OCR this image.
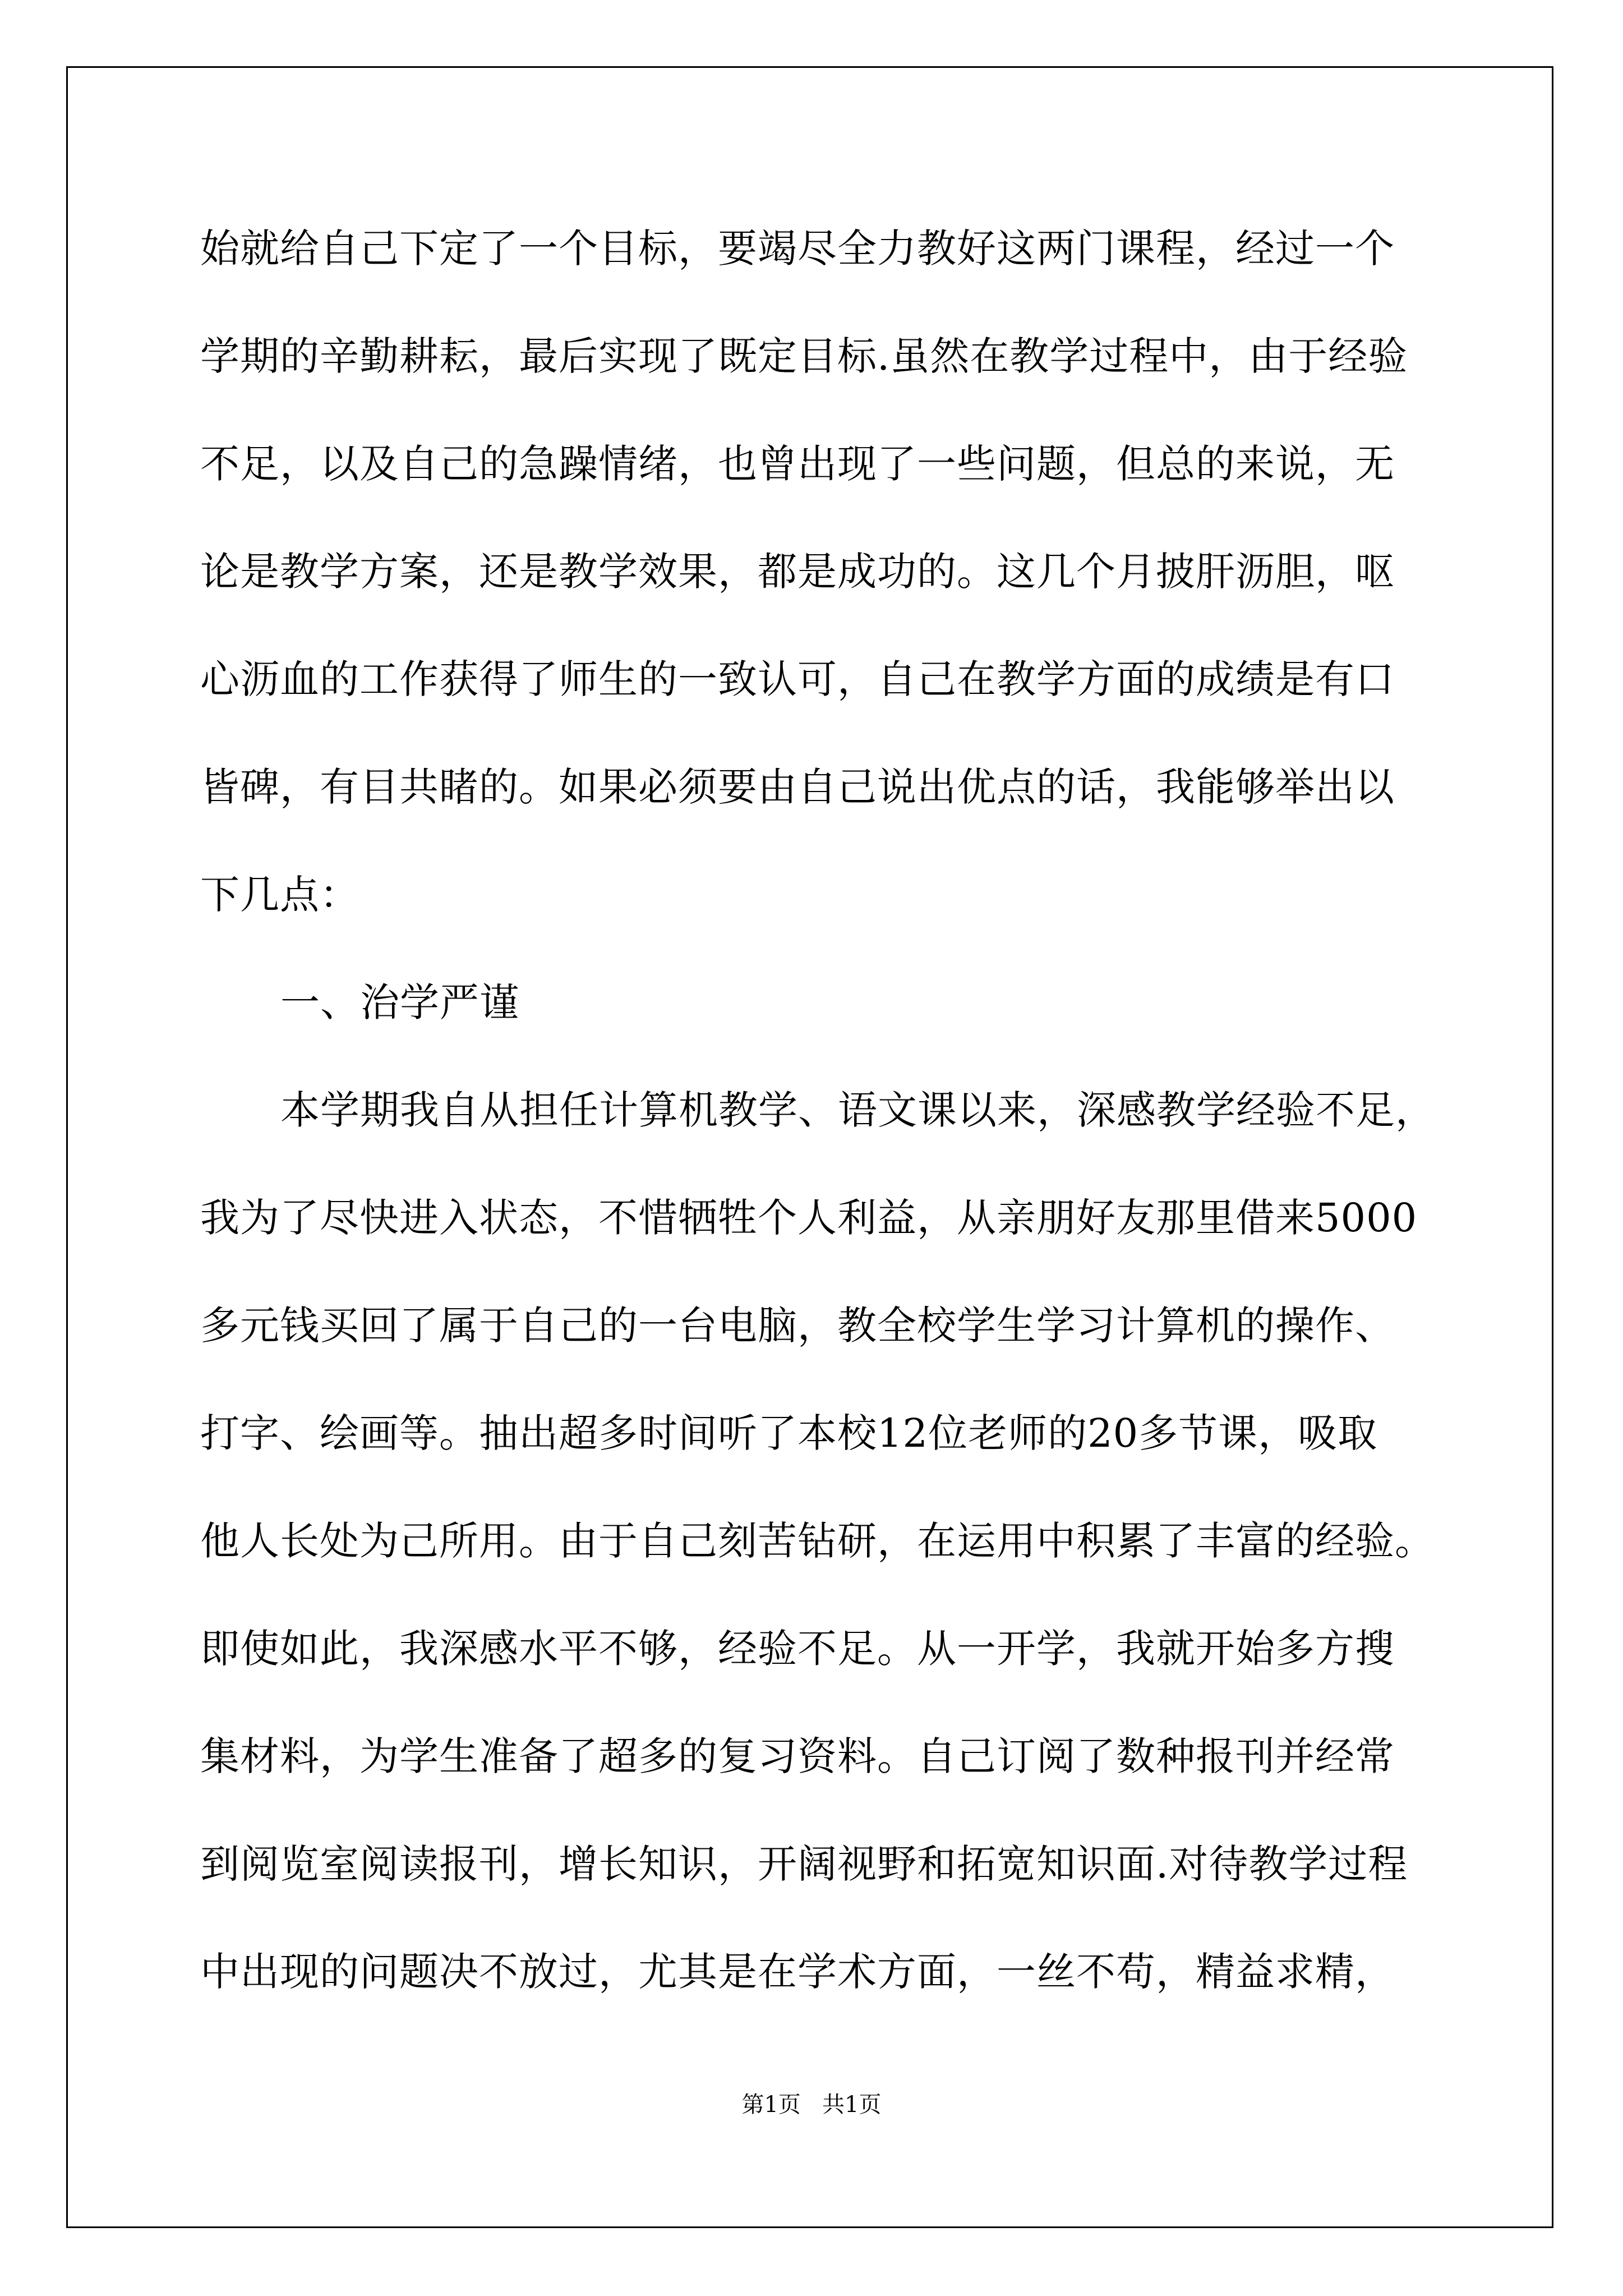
始就给自己下定了一个目标，要竭尽全力教好这两门课程，经过一个
学期的辛勤耕耘，最后实现了既定目标.虽然在教学过程中，由于经验
不足，以及自己的急躁情绪，也曾出现了一些问题，但总的来说，无
论是教学方案，还是教学效果，都是成功的。这几个月披肝沥胆，呕
心沥血的工作获得了师生的一致认可，自己在教学方面的成绩是有口
皆碑，有目共睹的。如果必须要由自己说出优点的话，我能够举出以
下几点：
一、治学严谨
本学期我自从担任计算机教学、语文课以来，深感教学经验不足，
我为了尽快进入状态，不惜牺牲个人利益，从亲朋好友那里借来5000
多元钱买回了属于自己的一台电脑，教全校学生学习计算机的操作、
打字、绘画等。抽出超多时间听了本校12位老师的20多节课，吸取
他人长处为己所用。由于自己刻苦钻研，在运用中积累了丰富的经验。
即使如此，我深感水平不够，经验不足。从一开学，我就开始多方搜
集材料，为学生准备了超多的复习资料。自己订阅了数种报刊并经常
到阅览室阅读报刊，增长知识，开阔视野和拓宽知识面.对待教学过程
中出现的问题决不放过，尤其是在学术方面，一丝不苟，精益求精，
第1页   共1页
